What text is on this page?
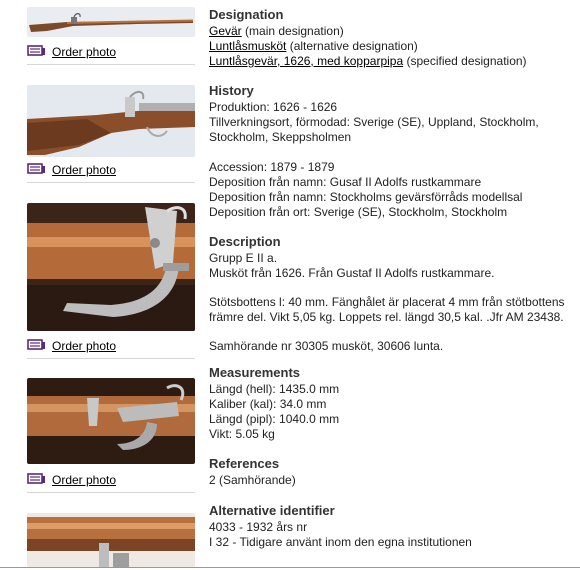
Order photo
Order photo
Order photo
Order photo
Designation
Gevär (main designation)
Luntlåsmusköt (alternative designation)
Luntlåsgevär, 1626, med kopparpipa (specified designation)
History
Produktion: 1626 - 1626
Tillverkningsort, förmodad: Sverige (SE), Uppland, Stockholm,
Stockholm, Skeppsholmen
Accession: 1879 - 1879
Deposition från namn: Gusaf II Adolfs rustkammare
Deposition från namn: Stockholms gevärsförråds modellsal
Deposition från ort: Sverige (SE), Stockholm, Stockholm
Description
Grupp E II a.
Musköt från 1626. Från Gustaf II Adolfs rustkammare.
Stötsbottens l: 40 mm. Fänghålet är placerat 4 mm från stötbottens
främre del. Vikt 5,05 kg. Loppets rel. längd 30,5 kal. .Jfr AM 23438.
Samhörande nr 30305 musköt, 30606 lunta.
Measurements
Längd (hell): 1435.0 mm
Kaliber (kal): 34.0 mm
Längd (pipl): 1040.0 mm
Vikt: 5.05 kg
References
2 (Samhörande)
Alternative identifier
4033 - 1932 års nr
I 32 - Tidigare använt inom den egna institutionen
